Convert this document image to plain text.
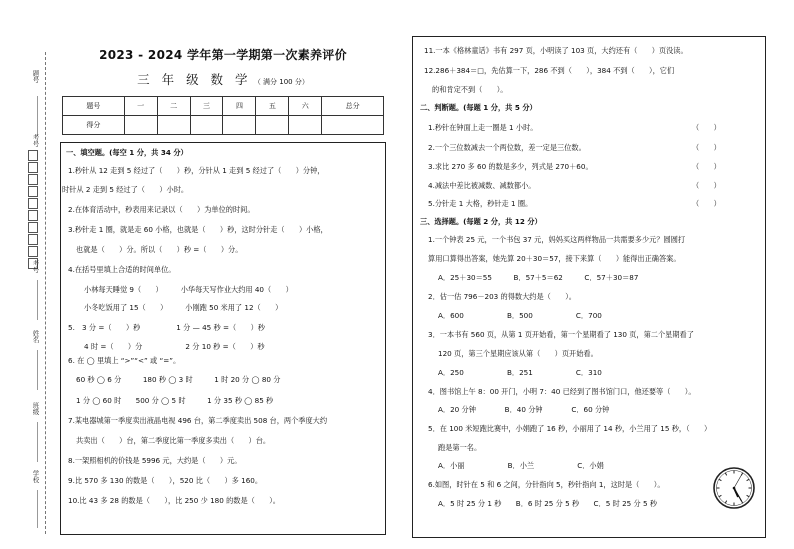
题号
考号
考号
姓名
班级
学校
2023 - 2024 学年第一学期第一次素养评价
三 年 级 数 学 （ 满分 100 分）
题号	一	二	三	四	五	六	总分
得分							
一、填空题。(每空 1 分，共 34 分）
1.秒针从 12 走到 5 经过了（　　）秒，分针从 1 走到 5 经过了（　　）分钟，
时针从 2 走到 5 经过了（　　）小时。
2.在体育活动中，秒表用来记录以（　　）为单位的时间。
3.秒针走 1 圈，就是走 60 小格，也就是（　　）秒，这时分针走（　　）小格，
也就是（　　）分。所以（　　）秒 =（　　）分。
4.在括号里填上合适的时间单位。
小林每天睡觉 9（　　）　　　小华每天写作业大约用 40（　　）
小冬吃饭用了 15（　　）　　　小刚跑 50 米用了 12（　　）
5.　3 分 =（　　）秒　　　　　1 分 — 45 秒 =（　　）秒
4 时 =（　　）分　　　　　　2 分 10 秒 =（　　）秒
6. 在 ◯ 里填上 “>”“<” 或 “=”。
60 秒 ◯ 6 分　　　180 秒 ◯ 3 时　　　1 时 20 分 ◯ 80 分
1 分 ◯ 60 时　　500 分 ◯ 5 时　　　1 分 35 秒 ◯ 85 秒
7.某电器城第一季度卖出液晶电视 496 台，第二季度卖出 508 台，两个季度大约
共卖出（　　）台，第二季度比第一季度多卖出（　　）台。
8.一架照相机的价钱是 5996 元，大约是（　　）元。
9.比 570 多 130 的数是（　　），520 比（　　）多 160。
10.比 43 多 28 的数是（　　），比 250 少 180 的数是（　　）。
11.一本《格林童话》书有 297 页，小明读了 103 页，大约还有（　　）页没读。
12.286＋384＝□，先估算一下，286 不到（　　），384 不到（　　），它们
的和肯定不到（　　）。
二、判断题。(每题 1 分，共 5 分）
1.秒针在钟面上走一圈是 1 小时。	（　　）
2.一个三位数减去一个两位数，差一定是三位数。	（　　）
3.求比 270 多 60 的数是多少，列式是 270＋60。	（　　）
4.减法中差比被减数、减数都小。	（　　）
5.分针走 1 大格，秒针走 1 圈。	（　　）
三、选择题。(每题 2 分，共 12 分）
1.一个钟表 25 元，一个书包 37 元，妈妈买这两样物品一共需要多少元？圆圆打
算用口算得出答案，她先算 20＋30＝57，接下来算（　　）能得出正确答案。
A．25＋30＝55　　　B．57＋5＝62　　　C．57＋30＝87
2．估一估 796－203 的得数大约是（　　）。
A．600　　　　　　B．500　　　　　　C．700
3．一本书有 560 页，从第 1 页开始看，第一个星期看了 130 页，第二个星期看了
120 页，第三个星期应该从第（　　）页开始看。
A．250　　　　　　B．251　　　　　　C．310
4．图书馆上午 8：00 开门，小明 7：40 已经到了图书馆门口，他还要等（　　）。
A．20 分钟　　　　B．40 分钟　　　　C．60 分钟
5．在 100 米短跑比赛中，小娟跑了 16 秒，小丽用了 14 秒，小兰用了 15 秒，（　　）
跑是第一名。
A．小丽　　　　　　B．小兰　　　　　　C．小娟
6.如图，时针在 5 和 6 之间，分针指向 5，秒针指向 1，这时是（　　）。
A．5 时 25 分 1 秒　　B．6 时 25 分 5 秒　　C．5 时 25 分 5 秒
